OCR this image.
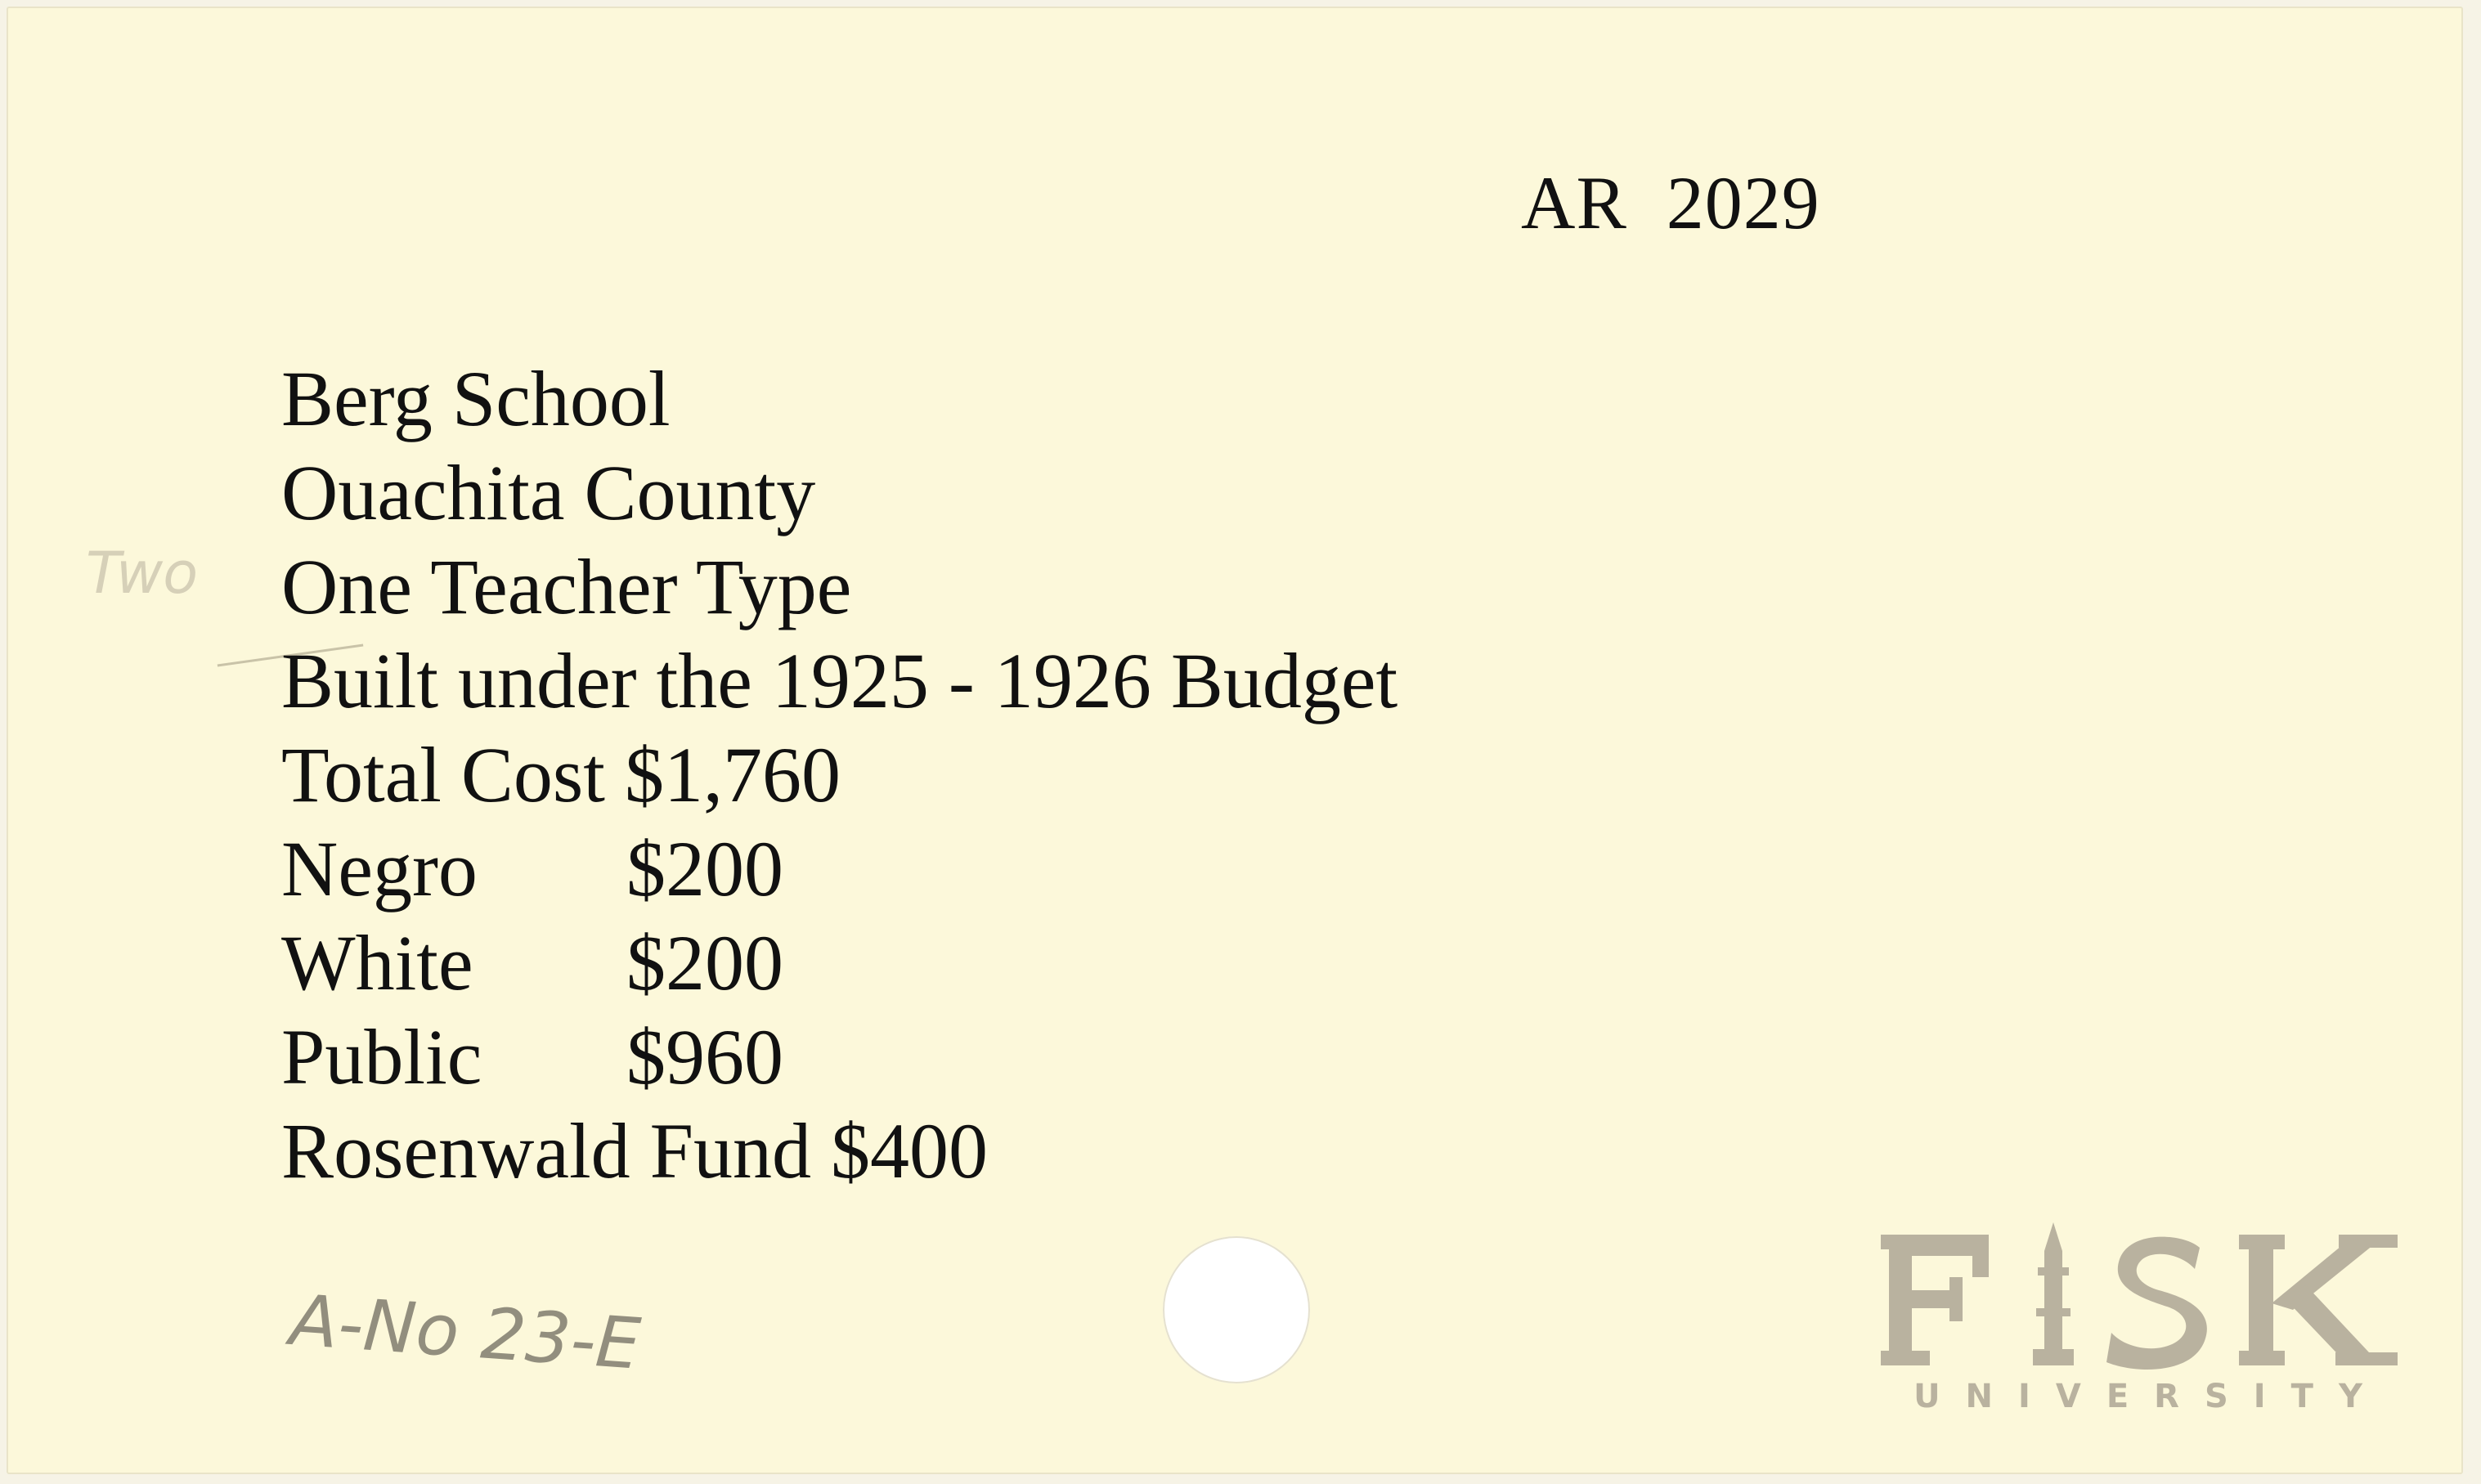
AR  2029
Two
Berg School
Ouachita County
One Teacher Type
Built under the 1925 - 1926 Budget
Total Cost $1,760
Negro $200
White $200
Public $960
Rosenwald Fund $400
A-No 23-E
UNIVERSITY
